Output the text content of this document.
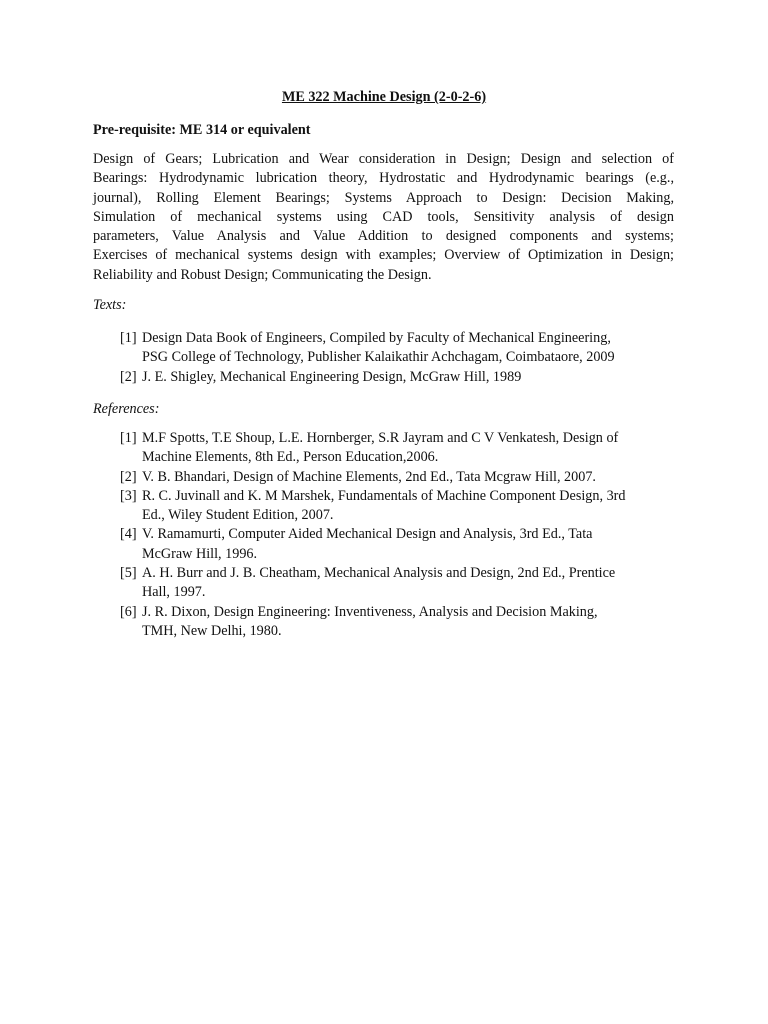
ME 322 Machine Design (2-0-2-6)
Pre-requisite: ME 314 or equivalent
Design of Gears; Lubrication and Wear consideration in Design; Design and selection of
Bearings: Hydrodynamic lubrication theory, Hydrostatic and Hydrodynamic bearings (e.g.,
journal), Rolling Element Bearings; Systems Approach to Design: Decision Making,
Simulation of mechanical systems using CAD tools, Sensitivity analysis of design
parameters, Value Analysis and Value Addition to designed components and systems;
Exercises of mechanical systems design with examples; Overview of Optimization in Design;
Reliability and Robust Design; Communicating the Design.
Texts:
[1] Design Data Book of Engineers, Compiled by Faculty of Mechanical Engineering,
PSG College of Technology, Publisher Kalaikathir Achchagam, Coimbataore, 2009
[2] J. E. Shigley, Mechanical Engineering Design, McGraw Hill, 1989
References:
[1] M.F Spotts, T.E Shoup, L.E. Hornberger, S.R Jayram and C V Venkatesh, Design of
Machine Elements, 8th Ed., Person Education,2006.
[2] V. B. Bhandari, Design of Machine Elements, 2nd Ed., Tata Mcgraw Hill, 2007.
[3] R. C. Juvinall and K. M Marshek, Fundamentals of Machine Component Design, 3rd
Ed., Wiley Student Edition, 2007.
[4] V. Ramamurti, Computer Aided Mechanical Design and Analysis, 3rd Ed., Tata
McGraw Hill, 1996.
[5] A. H. Burr and J. B. Cheatham, Mechanical Analysis and Design, 2nd Ed., Prentice
Hall, 1997.
[6] J. R. Dixon, Design Engineering: Inventiveness, Analysis and Decision Making,
TMH, New Delhi, 1980.
